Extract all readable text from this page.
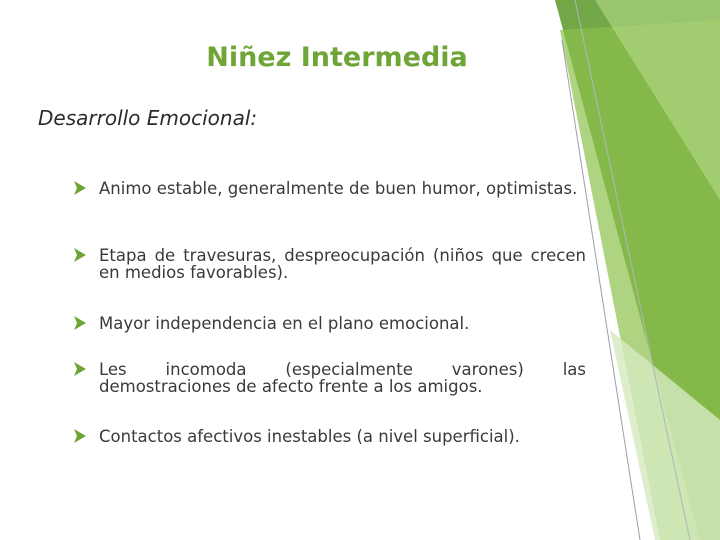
Niñez Intermedia
Desarrollo Emocional:
Animo estable, generalmente de buen humor, optimistas.
Etapa de travesuras, despreocupación (niños que crecen en medios favorables).
Mayor independencia en el plano emocional.
Les incomoda (especialmente varones) las demostraciones de afecto frente a los amigos.
Contactos afectivos inestables (a nivel superficial).
